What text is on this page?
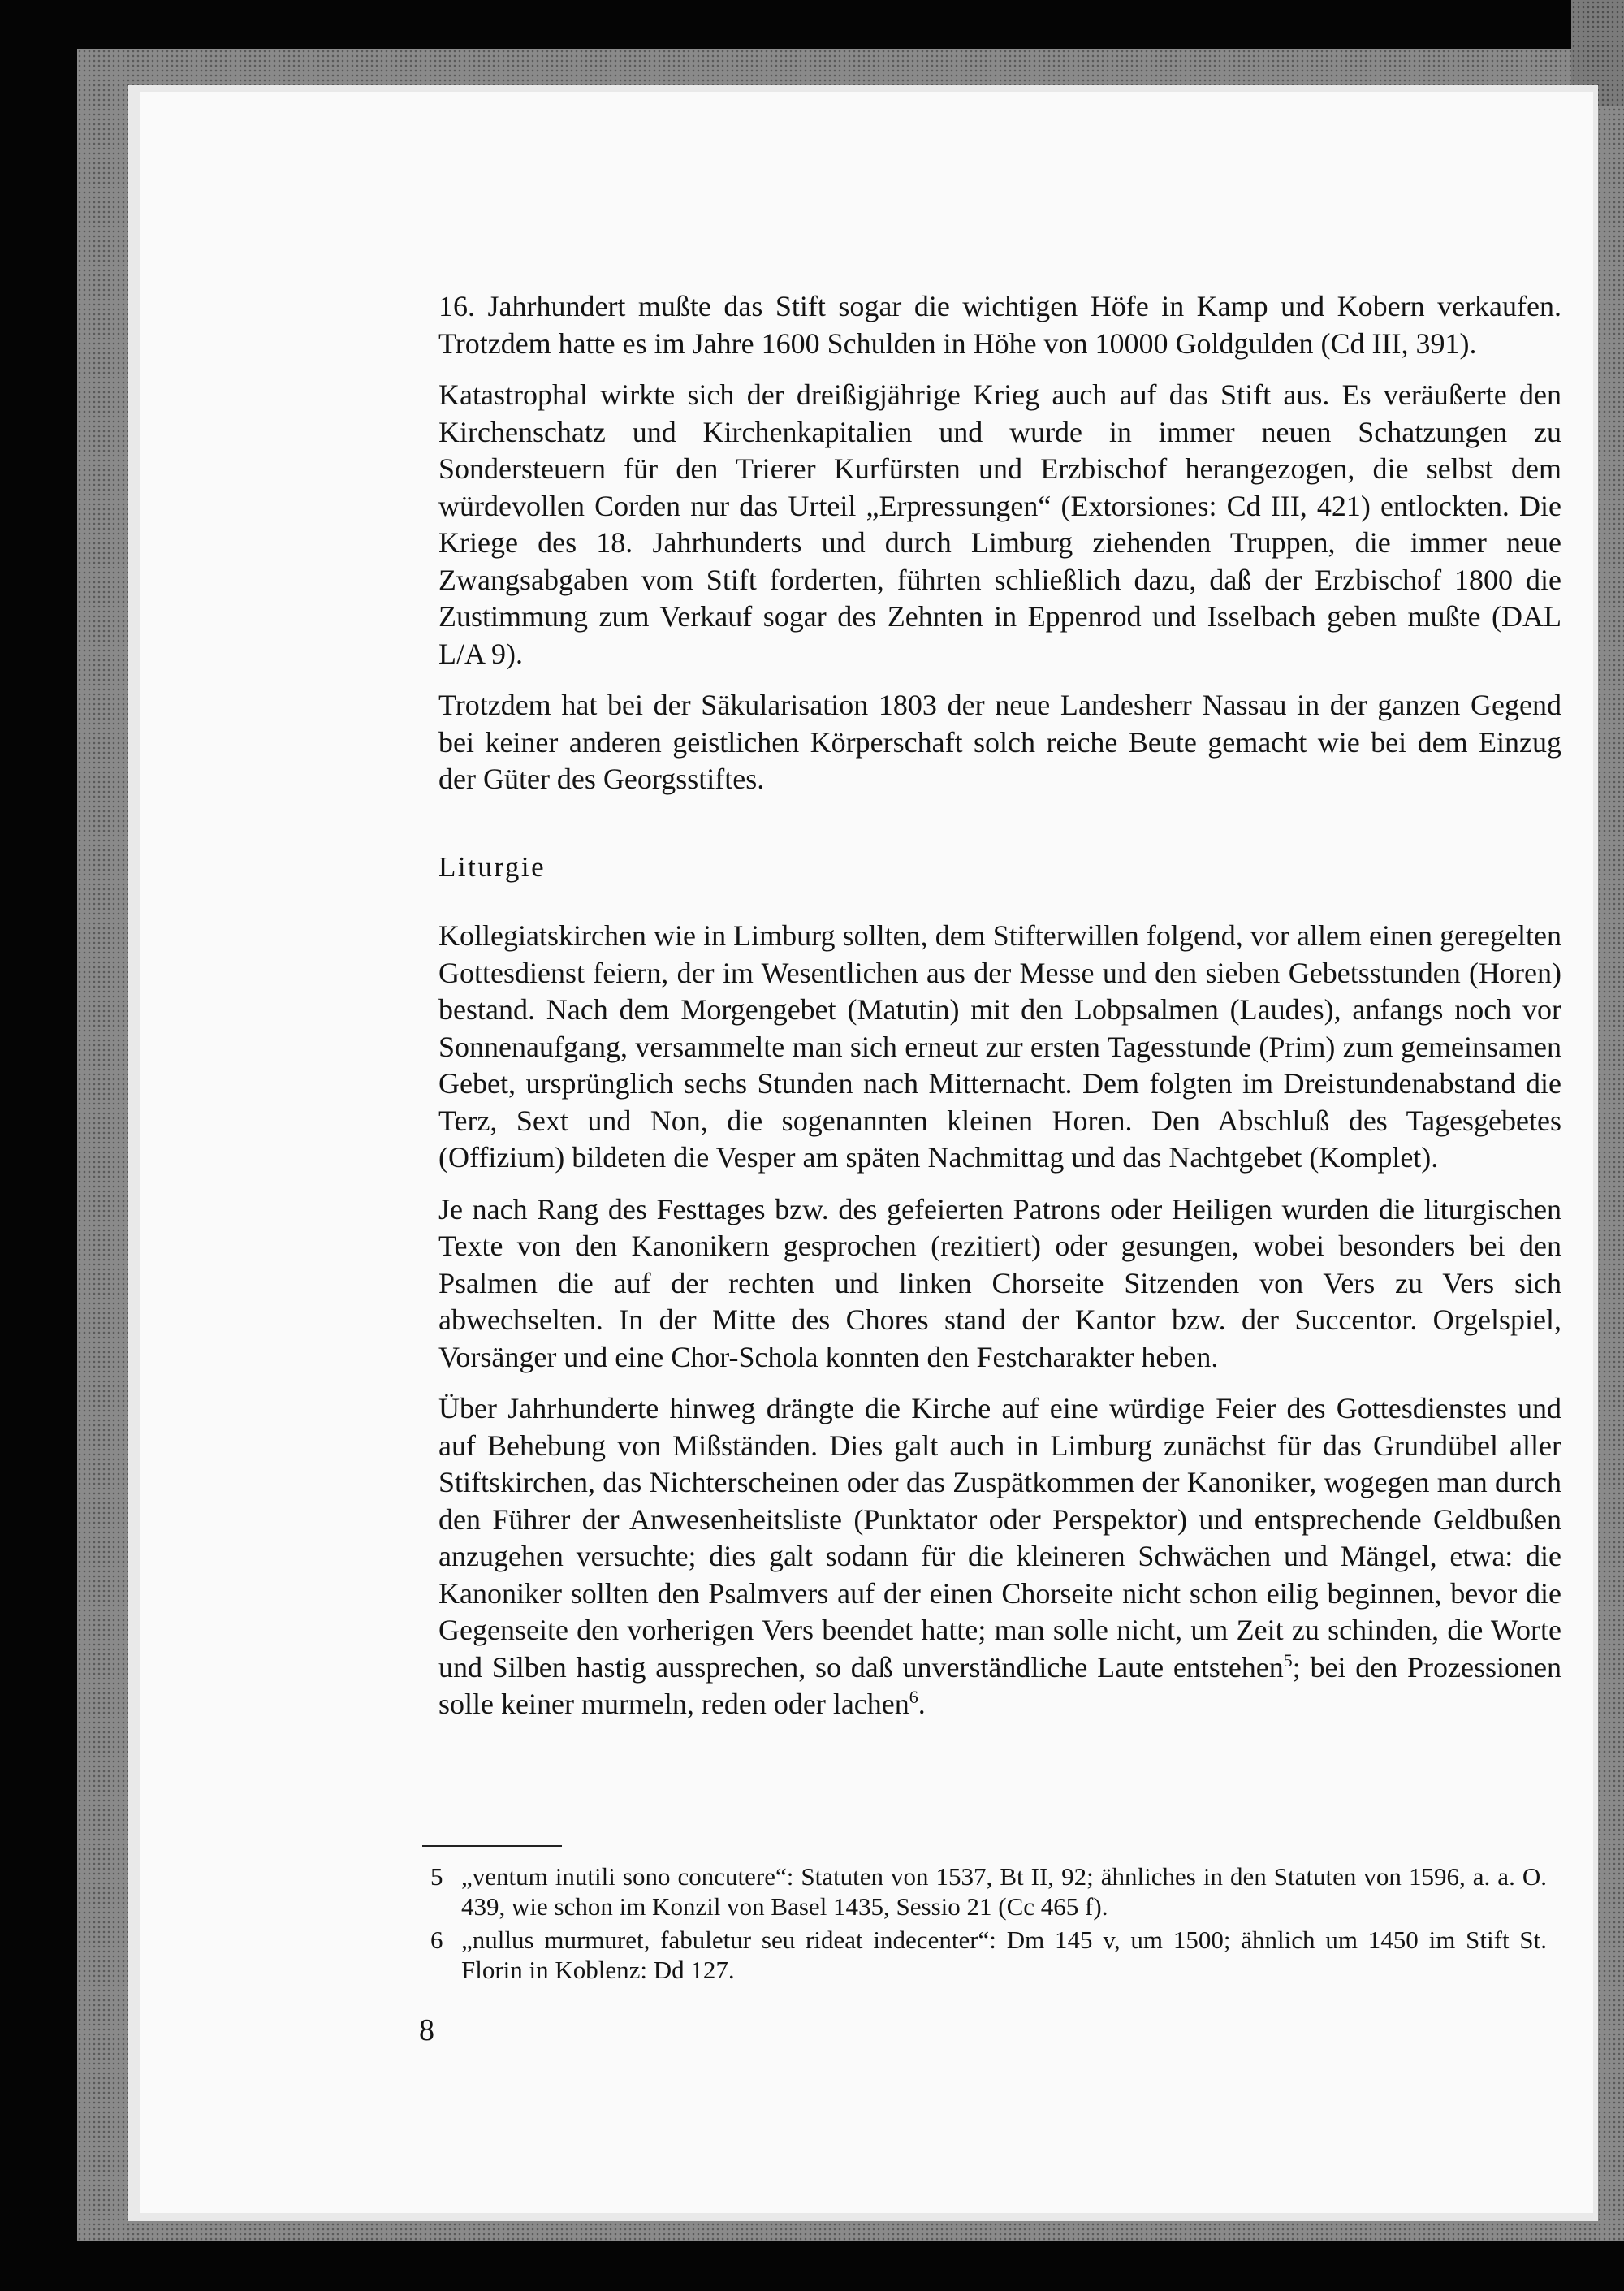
16. Jahrhundert mußte das Stift sogar die wichtigen Höfe in Kamp und Kobern verkaufen. Trotzdem hatte es im Jahre 1600 Schulden in Höhe von 10000 Goldgulden (Cd III, 391).

Katastrophal wirkte sich der dreißigjährige Krieg auch auf das Stift aus. Es veräußerte den Kirchenschatz und Kirchenkapitalien und wurde in immer neuen Schatzungen zu Sondersteuern für den Trierer Kurfürsten und Erzbischof herangezogen, die selbst dem würdevollen Corden nur das Urteil „Erpressungen“ (Extorsiones: Cd III, 421) entlockten. Die Kriege des 18. Jahrhunderts und durch Limburg ziehenden Truppen, die immer neue Zwangsabgaben vom Stift forderten, führten schließlich dazu, daß der Erzbischof 1800 die Zustimmung zum Verkauf sogar des Zehnten in Eppenrod und Isselbach geben mußte (DAL L/A 9).

Trotzdem hat bei der Säkularisation 1803 der neue Landesherr Nassau in der ganzen Gegend bei keiner anderen geistlichen Körperschaft solch reiche Beute gemacht wie bei dem Einzug der Güter des Georgsstiftes.

Liturgie

Kollegiatskirchen wie in Limburg sollten, dem Stifterwillen folgend, vor allem einen geregelten Gottesdienst feiern, der im Wesentlichen aus der Messe und den sieben Gebetsstunden (Horen) bestand. Nach dem Morgengebet (Matutin) mit den Lobpsalmen (Laudes), anfangs noch vor Sonnenaufgang, versammelte man sich erneut zur ersten Tagesstunde (Prim) zum gemeinsamen Gebet, ursprünglich sechs Stunden nach Mitternacht. Dem folgten im Dreistundenabstand die Terz, Sext und Non, die sogenannten kleinen Horen. Den Abschluß des Tagesgebetes (Offizium) bildeten die Vesper am späten Nachmittag und das Nachtgebet (Komplet).

Je nach Rang des Festtages bzw. des gefeierten Patrons oder Heiligen wurden die liturgischen Texte von den Kanonikern gesprochen (rezitiert) oder gesungen, wobei besonders bei den Psalmen die auf der rechten und linken Chorseite Sitzenden von Vers zu Vers sich abwechselten. In der Mitte des Chores stand der Kantor bzw. der Succentor. Orgelspiel, Vorsänger und eine Chor-Schola konnten den Festcharakter heben.

Über Jahrhunderte hinweg drängte die Kirche auf eine würdige Feier des Gottesdienstes und auf Behebung von Mißständen. Dies galt auch in Limburg zunächst für das Grundübel aller Stiftskirchen, das Nichterscheinen oder das Zuspätkommen der Kanoniker, wogegen man durch den Führer der Anwesenheitsliste (Punktator oder Perspektor) und entsprechende Geldbußen anzugehen versuchte; dies galt sodann für die kleineren Schwächen und Mängel, etwa: die Kanoniker sollten den Psalmvers auf der einen Chorseite nicht schon eilig beginnen, bevor die Gegenseite den vorherigen Vers beendet hatte; man solle nicht, um Zeit zu schinden, die Worte und Silben hastig aussprechen, so daß unverständliche Laute entstehen$^5$; bei den Prozessionen solle keiner murmeln, reden oder lachen$^6$.

5 „ventum inutili sono concutere“: Statuten von 1537, Bt II, 92; ähnliches in den Statuten von 1596, a. a. O. 439, wie schon im Konzil von Basel 1435, Sessio 21 (Cc 465 f).
6 „nullus murmuret, fabuletur seu rideat indecenter“: Dm 145 v, um 1500; ähnlich um 1450 im Stift St. Florin in Koblenz: Dd 127.
8
